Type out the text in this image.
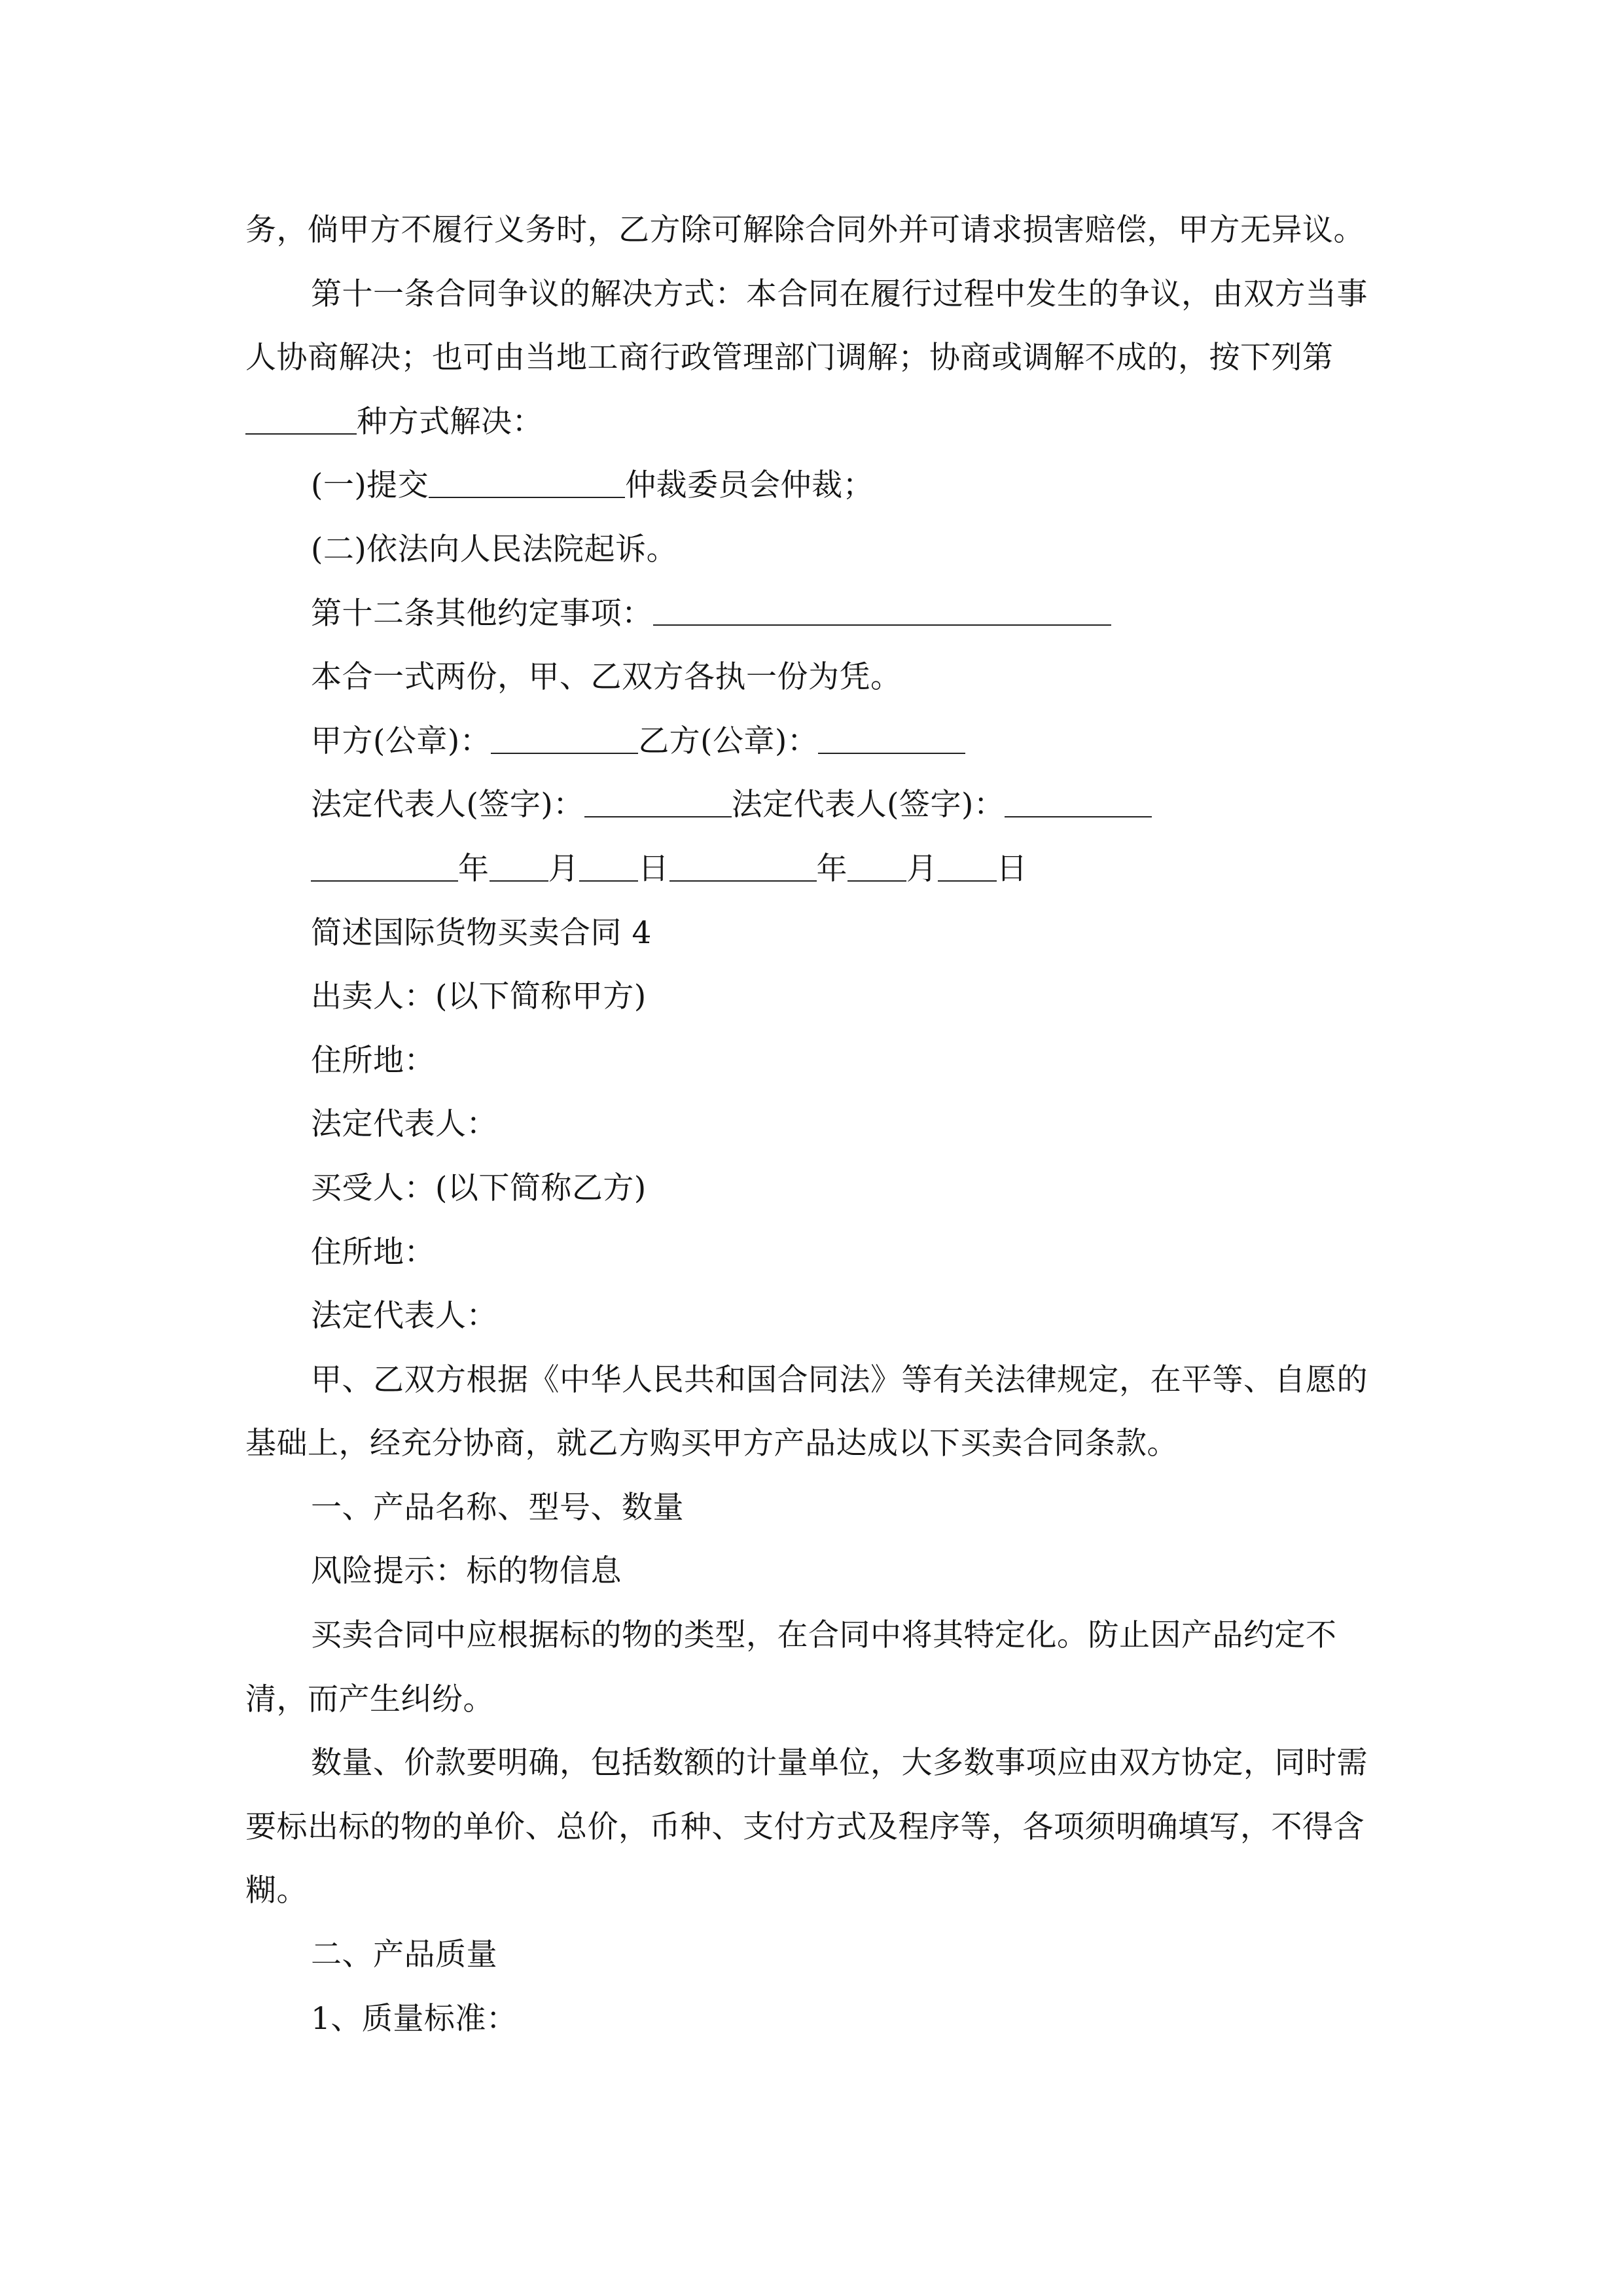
务，倘甲方不履行义务时，乙方除可解除合同外并可请求损害赔偿，甲方无异议。

第十一条合同争议的解决方式：本合同在履行过程中发生的争议，由双方当事人协商解决；也可由当地工商行政管理部门调解；协商或调解不成的，按下列第

种方式解决：

(一)提交	仲裁委员会仲裁；

(二)依法向人民法院起诉。

第十二条其他约定事项：

本合一式两份，甲、乙双方各执一份为凭。

甲方(公章)：	乙方(公章)：

法定代表人(签字)：	法定代表人(签字)：

年 月 日	年 月 日

简述国际货物买卖合同 4

出卖人：(以下简称甲方)

住所地：

法定代表人：

买受人：(以下简称乙方)

住所地：

法定代表人：

甲、乙双方根据《中华人民共和国合同法》等有关法律规定，在平等、自愿的基础上，经充分协商，就乙方购买甲方产品达成以下买卖合同条款。

一、产品名称、型号、数量

风险提示：标的物信息

买卖合同中应根据标的物的类型，在合同中将其特定化。防止因产品约定不清，而产生纠纷。

数量、价款要明确，包括数额的计量单位，大多数事项应由双方协定，同时需要标出标的物的单价、总价，币种、支付方式及程序等，各项须明确填写，不得含糊。

二、产品质量

1、质量标准：
